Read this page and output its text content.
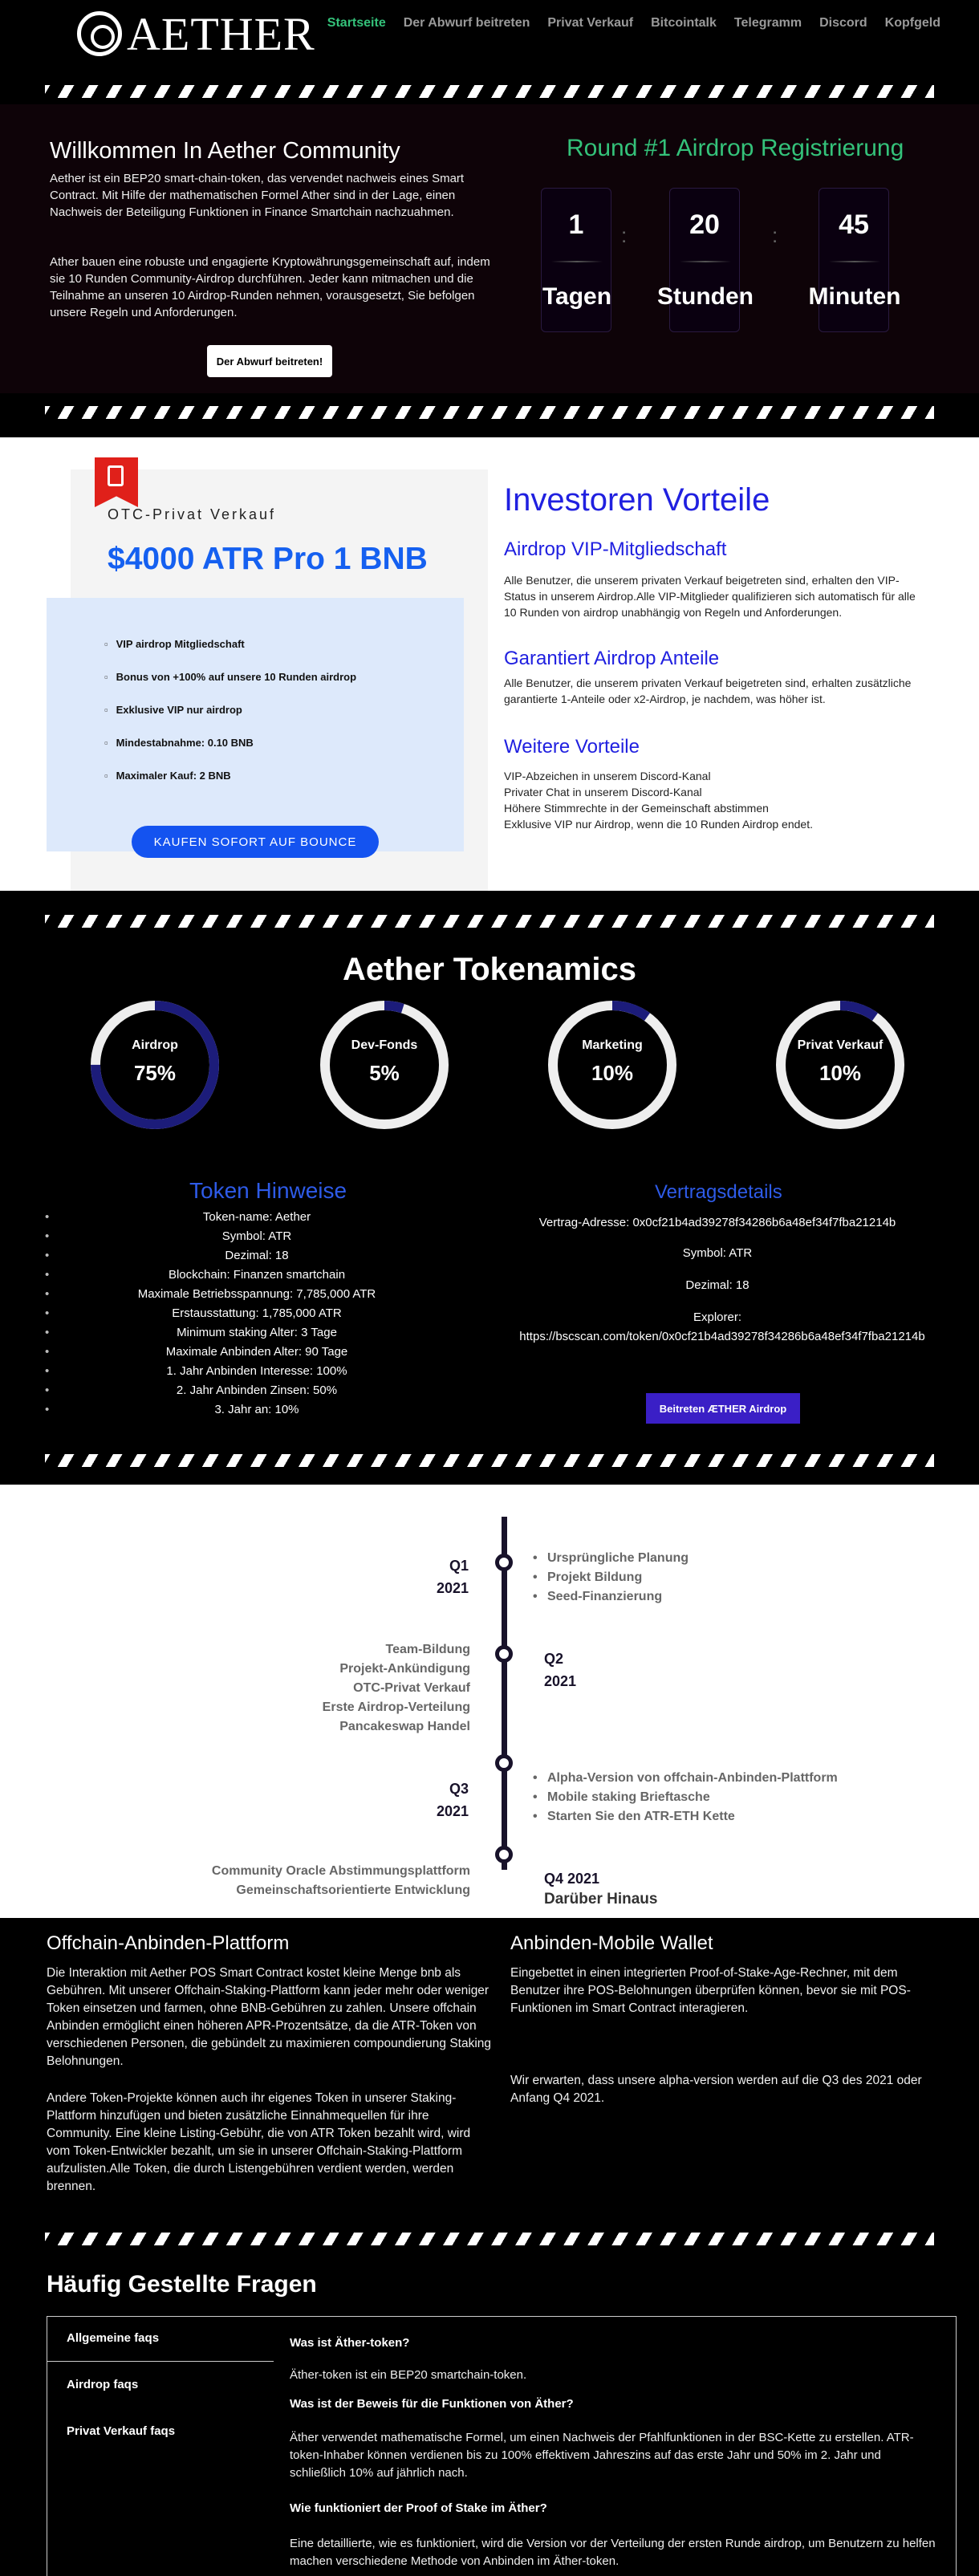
AETHER Startseite Der Abwurf beitreten Privat Verkauf Bitcointalk Telegramm Discord Kopfgeld
Willkommen In Aether Community

Aether ist ein BEP20 smart-chain-token, das vervendet nachweis eines Smart Contract. Mit Hilfe der mathematischen Formel Ather sind in der Lage, einen Nachweis der Beteiligung Funktionen in Finance Smartchain nachzuahmen.

Ather bauen eine robuste und engagierte Kryptowährungsgemeinschaft auf, indem sie 10 Runden Community-Airdrop durchführen. Jeder kann mitmachen und die Teilnahme an unseren 10 Airdrop-Runden nehmen, vorausgesetzt, Sie befolgen unsere Regeln und Anforderungen.

Der Abwurf beitreten!
Round #1 Airdrop Registrierung
1
Tagen
:	20
Stunden
:	45
Minuten
OTC-Privat Verkauf
$4000 ATR Pro 1 BNB
▫ VIP airdrop Mitgliedschaft
▫ Bonus von +100% auf unsere 10 Runden airdrop
▫ Exklusive VIP nur airdrop
▫ Mindestabnahme: 0.10 BNB
▫ Maximaler Kauf: 2 BNB
KAUFEN SOFORT AUF BOUNCE
Investoren Vorteile
Airdrop VIP-Mitgliedschaft

Alle Benutzer, die unserem privaten Verkauf beigetreten sind, erhalten den VIP-Status in unserem Airdrop.Alle VIP-Mitglieder qualifizieren sich automatisch für alle 10 Runden von airdrop unabhängig von Regeln und Anforderungen.

Garantiert Airdrop Anteile

Alle Benutzer, die unserem privaten Verkauf beigetreten sind, erhalten zusätzliche garantierte 1-Anteile oder x2-Airdrop, je nachdem, was höher ist.

Weitere Vorteile

VIP-Abzeichen in unserem Discord-Kanal

Privater Chat in unserem Discord-Kanal

Höhere Stimmrechte in der Gemeinschaft abstimmen

Exklusive VIP nur Airdrop, wenn die 10 Runden Airdrop endet.

Aether Tokenamics
Airdrop
75%
Dev-Fonds
5%
Marketing
10%
Privat Verkauf
10%
Token Hinweise
• Token-name: Aether
• Symbol: ATR
• Dezimal: 18
• Blockchain: Finanzen smartchain
• Maximale Betriebsspannung: 7,785,000 ATR
• Erstausstattung: 1,785,000 ATR
• Minimum staking Alter: 3 Tage
• Maximale Anbinden Alter: 90 Tage
• 1. Jahr Anbinden Interesse: 100%
• 2. Jahr Anbinden Zinsen: 50%
• 3. Jahr an: 10%
Vertragsdetails
Vertrag-Adresse: 0x0cf21b4ad39278f34286b6a48ef34f7fba21214b
Symbol: ATR
Dezimal: 18
Explorer:
https://bscscan.com/token/0x0cf21b4ad39278f34286b6a48ef34f7fba21214b
Beitreten ÆTHER Airdrop
Q1
2021
• Ursprüngliche Planung
• Projekt Bildung
• Seed-Finanzierung
Team-Bildung •
Projekt-Ankündigung •
OTC-Privat Verkauf •
Erste Airdrop-Verteilung •
Pancakeswap Handel •
Q2
2021
Q3
2021
• Alpha-Version von offchain-Anbinden-Plattform
• Mobile staking Brieftasche
• Starten Sie den ATR-ETH Kette
Community Oracle Abstimmungsplattform •
Gemeinschaftsorientierte Entwicklung •
Q4 2021
Darüber Hinaus
Offchain-Anbinden-Plattform

Die Interaktion mit Aether POS Smart Contract kostet kleine Menge bnb als Gebühren. Mit unserer Offchain-Staking-Plattform kann jeder mehr oder weniger Token einsetzen und farmen, ohne BNB-Gebühren zu zahlen. Unsere offchain Anbinden ermöglicht einen höheren APR-Prozentsätze, da die ATR-Token von verschiedenen Personen, die gebündelt zu maximieren compoundierung Staking Belohnungen.

Andere Token-Projekte können auch ihr eigenes Token in unserer Staking-Plattform hinzufügen und bieten zusätzliche Einnahmequellen für ihre Community. Eine kleine Listing-Gebühr, die von ATR Token bezahlt wird, wird vom Token-Entwickler bezahlt, um sie in unserer Offchain-Staking-Plattform aufzulisten.Alle Token, die durch Listengebühren verdient werden, werden brennen.

Anbinden-Mobile Wallet

Eingebettet in einen integrierten Proof-of-Stake-Age-Rechner, mit dem Benutzer ihre POS-Belohnungen überprüfen können, bevor sie mit POS-Funktionen im Smart Contract interagieren.

Wir erwarten, dass unsere alpha-version werden auf die Q3 des 2021 oder Anfang Q4 2021.

Häufig Gestellte Fragen
Allgemeine faqs
Airdrop faqs
Privat Verkauf faqs
Was ist Äther-token?
Äther-token ist ein BEP20 smartchain-token.
Was ist der Beweis für die Funktionen von Äther?
Äther verwendet mathematische Formel, um einen Nachweis der Pfahlfunktionen in der BSC-Kette zu erstellen. ATR-token-Inhaber können verdienen bis zu 100% effektivem Jahreszins auf das erste Jahr und 50% im 2. Jahr und schließlich 10% auf jährlich nach.
Wie funktioniert der Proof of Stake im Äther?
Eine detaillierte, wie es funktioniert, wird die Version vor der Verteilung der ersten Runde airdrop, um Benutzern zu helfen machen verschiedene Methode von Anbinden im Äther-token.
